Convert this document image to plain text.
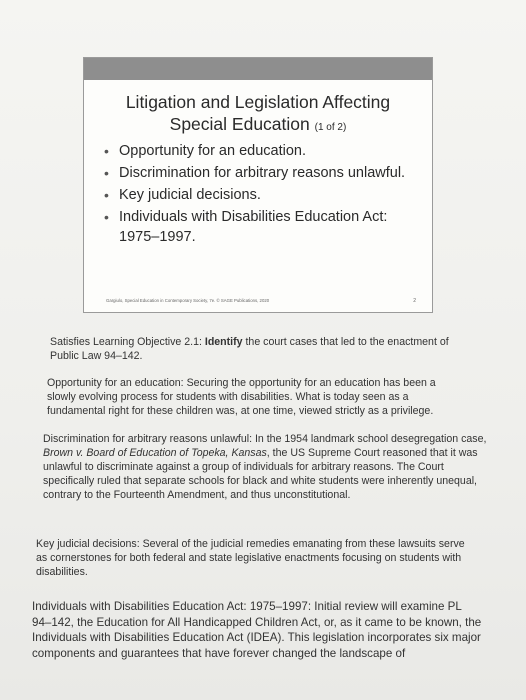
Litigation and Legislation Affecting
Special Education (1 of 2)
• Opportunity for an education.
• Discrimination for arbitrary reasons unlawful.
• Key judicial decisions.
• Individuals with Disabilities Education Act: 1975–1997.
Gargiulo, Special Education in Contemporary Society, 7e. © SAGE Publications, 2020	2
Satisfies Learning Objective 2.1: Identify the court cases that led to the enactment of Public Law 94–142.
Opportunity for an education: Securing the opportunity for an education has been a slowly evolving process for students with disabilities. What is today seen as a fundamental right for these children was, at one time, viewed strictly as a privilege.
Discrimination for arbitrary reasons unlawful: In the 1954 landmark school desegregation case, Brown v. Board of Education of Topeka, Kansas, the US Supreme Court reasoned that it was unlawful to discriminate against a group of individuals for arbitrary reasons. The Court specifically ruled that separate schools for black and white students were inherently unequal, contrary to the Fourteenth Amendment, and thus unconstitutional.
Key judicial decisions: Several of the judicial remedies emanating from these lawsuits serve as cornerstones for both federal and state legislative enactments focusing on students with disabilities.
Individuals with Disabilities Education Act: 1975–1997: Initial review will examine PL 94–142, the Education for All Handicapped Children Act, or, as it came to be known, the Individuals with Disabilities Education Act (IDEA). This legislation incorporates six major components and guarantees that have forever changed the landscape of
